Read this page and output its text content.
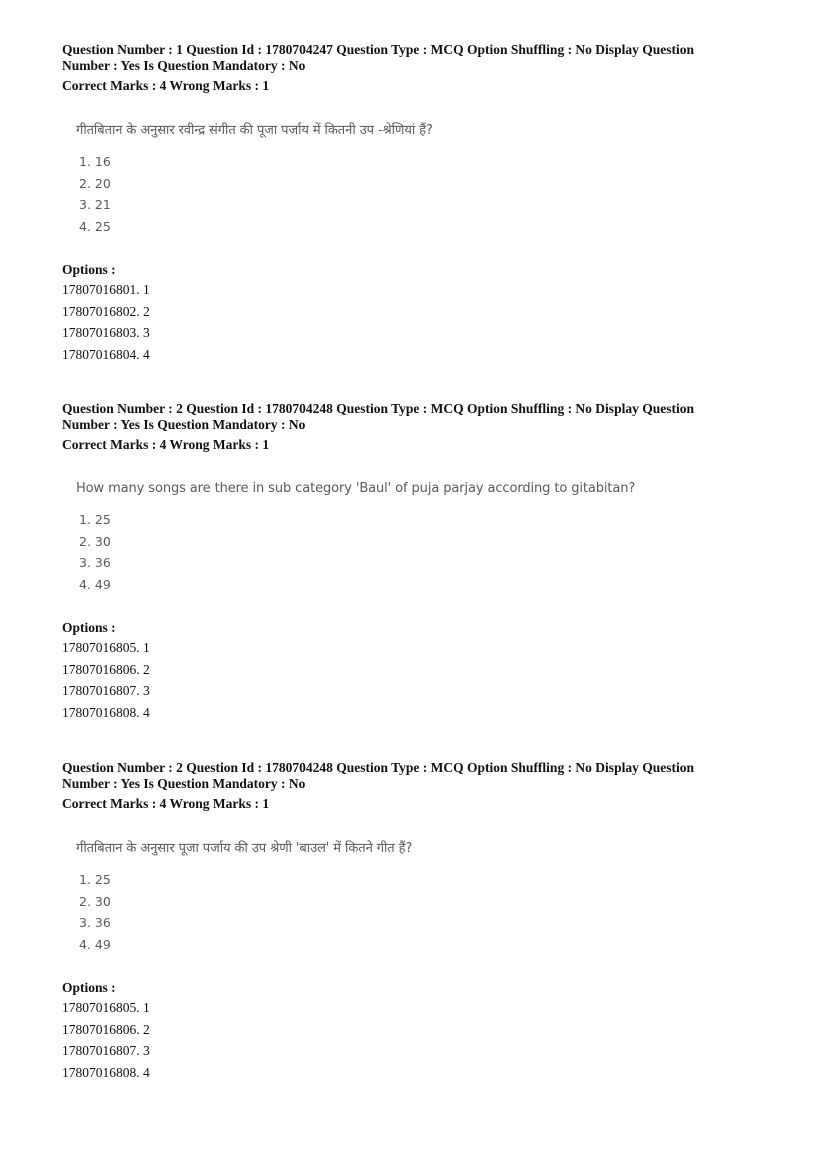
Question Number : 1 Question Id : 1780704247 Question Type : MCQ Option Shuffling : No Display Question
Number : Yes Is Question Mandatory : No
Correct Marks : 4 Wrong Marks : 1
गीतबितान के अनुसार रवीन्द्र संगीत की पूजा पर्जाय में कितनी उप -श्रेणियां हैं?
1. 16
2. 20
3. 21
4. 25
Options :
17807016801. 1
17807016802. 2
17807016803. 3
17807016804. 4
Question Number : 2 Question Id : 1780704248 Question Type : MCQ Option Shuffling : No Display Question
Number : Yes Is Question Mandatory : No
Correct Marks : 4 Wrong Marks : 1
How many songs are there in sub category 'Baul' of puja parjay according to gitabitan?
1. 25
2. 30
3. 36
4. 49
Options :
17807016805. 1
17807016806. 2
17807016807. 3
17807016808. 4
Question Number : 2 Question Id : 1780704248 Question Type : MCQ Option Shuffling : No Display Question
Number : Yes Is Question Mandatory : No
Correct Marks : 4 Wrong Marks : 1
गीतबितान के अनुसार पूजा पर्जाय की उप श्रेणी 'बाउल' में कितने गीत हैं?
1. 25
2. 30
3. 36
4. 49
Options :
17807016805. 1
17807016806. 2
17807016807. 3
17807016808. 4
